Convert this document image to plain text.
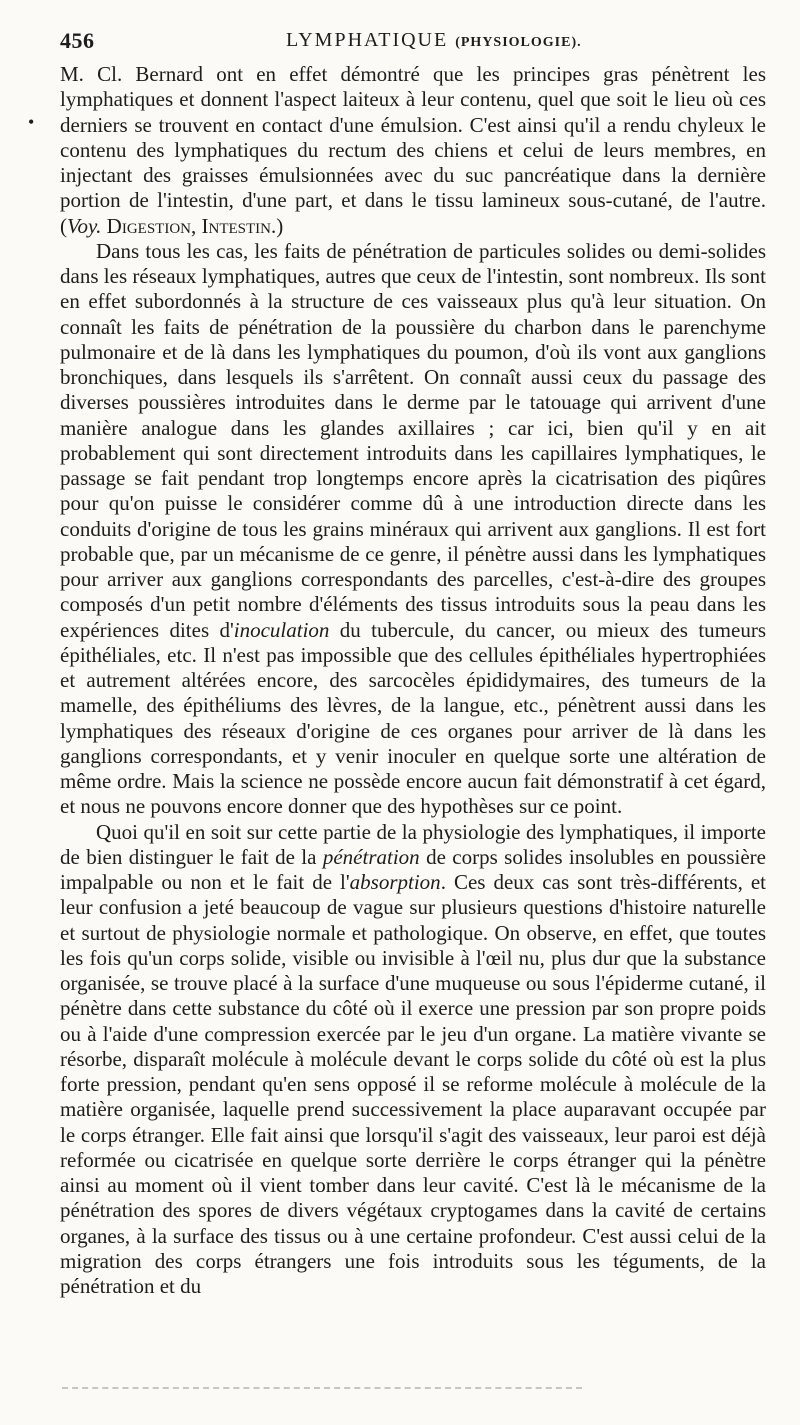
456	LYMPHATIQUE (PHYSIOLOGIE).
•

M. Cl. Bernard ont en effet démontré que les principes gras pénètrent les lymphatiques et donnent l'aspect laiteux à leur contenu, quel que soit le lieu où ces derniers se trouvent en contact d'une émulsion. C'est ainsi qu'il a rendu chyleux le contenu des lymphatiques du rectum des chiens et celui de leurs membres, en injectant des graisses émulsionnées avec du suc pancréatique dans la dernière portion de l'intestin, d'une part, et dans le tissu lamineux sous-cutané, de l'autre. (Voy. Digestion, Intestin.)

Dans tous les cas, les faits de pénétration de particules solides ou demi-solides dans les réseaux lymphatiques, autres que ceux de l'intestin, sont nombreux. Ils sont en effet subordonnés à la structure de ces vaisseaux plus qu'à leur situation. On connaît les faits de pénétration de la poussière du charbon dans le parenchyme pulmonaire et de là dans les lymphatiques du poumon, d'où ils vont aux ganglions bronchiques, dans lesquels ils s'arrêtent. On connaît aussi ceux du passage des diverses poussières introduites dans le derme par le tatouage qui arrivent d'une manière analogue dans les glandes axillaires ; car ici, bien qu'il y en ait probablement qui sont directement introduits dans les capillaires lymphatiques, le passage se fait pendant trop longtemps encore après la cicatrisation des piqûres pour qu'on puisse le considérer comme dû à une introduction directe dans les conduits d'origine de tous les grains minéraux qui arrivent aux ganglions. Il est fort probable que, par un mécanisme de ce genre, il pénètre aussi dans les lymphatiques pour arriver aux ganglions correspondants des parcelles, c'est-à-dire des groupes composés d'un petit nombre d'éléments des tissus introduits sous la peau dans les expériences dites d'inoculation du tubercule, du cancer, ou mieux des tumeurs épithéliales, etc. Il n'est pas impossible que des cellules épithéliales hypertrophiées et autrement altérées encore, des sarcocèles épididymaires, des tumeurs de la mamelle, des épithéliums des lèvres, de la langue, etc., pénètrent aussi dans les lymphatiques des réseaux d'origine de ces organes pour arriver de là dans les ganglions correspondants, et y venir inoculer en quelque sorte une altération de même ordre. Mais la science ne possède encore aucun fait démonstratif à cet égard, et nous ne pouvons encore donner que des hypothèses sur ce point.

Quoi qu'il en soit sur cette partie de la physiologie des lymphatiques, il importe de bien distinguer le fait de la pénétration de corps solides insolubles en poussière impalpable ou non et le fait de l'absorption. Ces deux cas sont très-différents, et leur confusion a jeté beaucoup de vague sur plusieurs questions d'histoire naturelle et surtout de physiologie normale et pathologique. On observe, en effet, que toutes les fois qu'un corps solide, visible ou invisible à l'œil nu, plus dur que la substance organisée, se trouve placé à la surface d'une muqueuse ou sous l'épiderme cutané, il pénètre dans cette substance du côté où il exerce une pression par son propre poids ou à l'aide d'une compression exercée par le jeu d'un organe. La matière vivante se résorbe, disparaît molécule à molécule devant le corps solide du côté où est la plus forte pression, pendant qu'en sens opposé il se reforme molécule à molécule de la matière organisée, laquelle prend successivement la place auparavant occupée par le corps étranger. Elle fait ainsi que lorsqu'il s'agit des vaisseaux, leur paroi est déjà reformée ou cicatrisée en quelque sorte derrière le corps étranger qui la pénètre ainsi au moment où il vient tomber dans leur cavité. C'est là le mécanisme de la pénétration des spores de divers végétaux cryptogames dans la cavité de certains organes, à la surface des tissus ou à une certaine profondeur. C'est aussi celui de la migration des corps étrangers une fois introduits sous les téguments, de la pénétration et du
